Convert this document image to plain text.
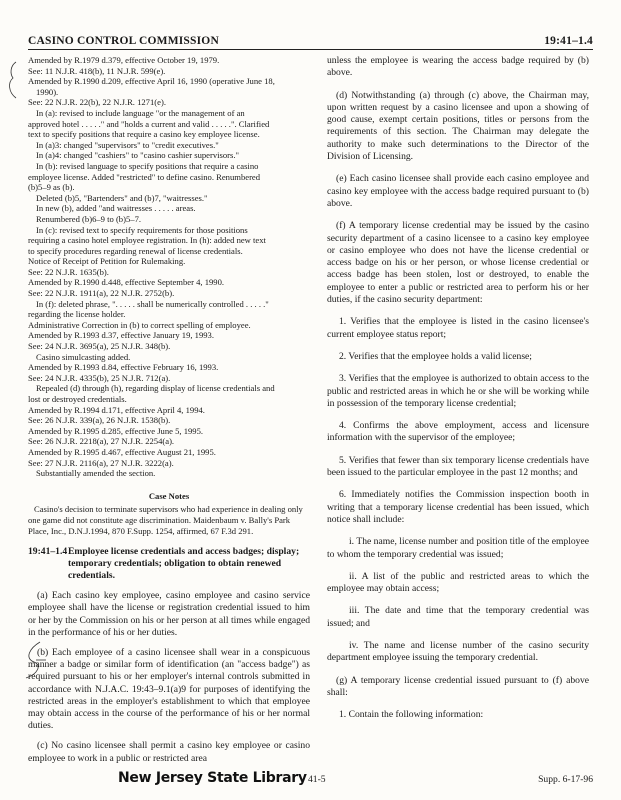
CASINO CONTROL COMMISSION	19:41–1.4

Amended by R.1979 d.379, effective October 19, 1979.

See: 11 N.J.R. 418(b), 11 N.J.R. 599(e).

Amended by R.1990 d.209, effective April 16, 1990 (operative June 18,

1990).

See: 22 N.J.R. 22(b), 22 N.J.R. 1271(e).

In (a): revised to include language "or the management of an

approved hotel . . . . ." and "holds a current and valid . . . . .". Clarified

text to specify positions that require a casino key employee license.

In (a)3: changed "supervisors" to "credit executives."

In (a)4: changed "cashiers" to "casino cashier supervisors."

In (b): revised language to specify positions that require a casino

employee license. Added "restricted" to define casino. Renumbered

(b)5–9 as (b).

Deleted (b)5, "Bartenders" and (b)7, "waitresses."

In new (b), added "and waitresses . . . . . areas.

Renumbered (b)6–9 to (b)5–7.

In (c): revised text to specify requirements for those positions

requiring a casino hotel employee registration. In (h): added new text

to specify procedures regarding renewal of license credentials.

Notice of Receipt of Petition for Rulemaking.

See: 22 N.J.R. 1635(b).

Amended by R.1990 d.448, effective September 4, 1990.

See: 22 N.J.R. 1911(a), 22 N.J.R. 2752(b).

In (f): deleted phrase, ". . . . . shall be numerically controlled . . . . ."

regarding the license holder.

Administrative Correction in (b) to correct spelling of employee.

Amended by R.1993 d.37, effective January 19, 1993.

See: 24 N.J.R. 3695(a), 25 N.J.R. 348(b).

Casino simulcasting added.

Amended by R.1993 d.84, effective February 16, 1993.

See: 24 N.J.R. 4335(b), 25 N.J.R. 712(a).

Repealed (d) through (h), regarding display of license credentials and

lost or destroyed credentials.

Amended by R.1994 d.171, effective April 4, 1994.

See: 26 N.J.R. 339(a), 26 N.J.R. 1538(b).

Amended by R.1995 d.285, effective June 5, 1995.

See: 26 N.J.R. 2218(a), 27 N.J.R. 2254(a).

Amended by R.1995 d.467, effective August 21, 1995.

See: 27 N.J.R. 2116(a), 27 N.J.R. 3222(a).

Substantially amended the section.

Case Notes

Casino's decision to terminate supervisors who had experience in dealing only one game did not constitute age discrimination. Maidenbaum v. Bally's Park Place, Inc., D.N.J.1994, 870 F.Supp. 1254, affirmed, 67 F.3d 291.

19:41–1.4Employee license credentials and access badges; display; temporary credentials; obligation to obtain renewed credentials.

(a) Each casino key employee, casino employee and casino service employee shall have the license or registration credential issued to him or her by the Commission on his or her person at all times while engaged in the performance of his or her duties.

(b) Each employee of a casino licensee shall wear in a conspicuous manner a badge or similar form of identification (an "access badge") as required pursuant to his or her employer's internal controls submitted in accordance with N.J.A.C. 19:43–9.1(a)9 for purposes of identifying the restricted areas in the employer's establishment to which that employee may obtain access in the course of the performance of his or her normal duties.

(c) No casino licensee shall permit a casino key employee or casino employee to work in a public or restricted area

unless the employee is wearing the access badge required by (b) above.

(d) Notwithstanding (a) through (c) above, the Chairman may, upon written request by a casino licensee and upon a showing of good cause, exempt certain positions, titles or persons from the requirements of this section. The Chairman may delegate the authority to make such determinations to the Director of the Division of Licensing.

(e) Each casino licensee shall provide each casino employee and casino key employee with the access badge required pursuant to (b) above.

(f) A temporary license credential may be issued by the casino security department of a casino licensee to a casino key employee or casino employee who does not have the license credential or access badge on his or her person, or whose license credential or access badge has been stolen, lost or destroyed, to enable the employee to enter a public or restricted area to perform his or her duties, if the casino security department:

1. Verifies that the employee is listed in the casino licensee's current employee status report;

2. Verifies that the employee holds a valid license;

3. Verifies that the employee is authorized to obtain access to the public and restricted areas in which he or she will be working while in possession of the temporary license credential;

4. Confirms the above employment, access and licensure information with the supervisor of the employee;

5. Verifies that fewer than six temporary license credentials have been issued to the particular employee in the past 12 months; and

6. Immediately notifies the Commission inspection booth in writing that a temporary license credential has been issued, which notice shall include:

i. The name, license number and position title of the employee to whom the temporary credential was issued;

ii. A list of the public and restricted areas to which the employee may obtain access;

iii. The date and time that the temporary credential was issued; and

iv. The name and license number of the casino security department employee issuing the temporary credential.

(g) A temporary license credential issued pursuant to (f) above shall:

1. Contain the following information:

New Jersey State Library 41-5	Supp. 6-17-96
